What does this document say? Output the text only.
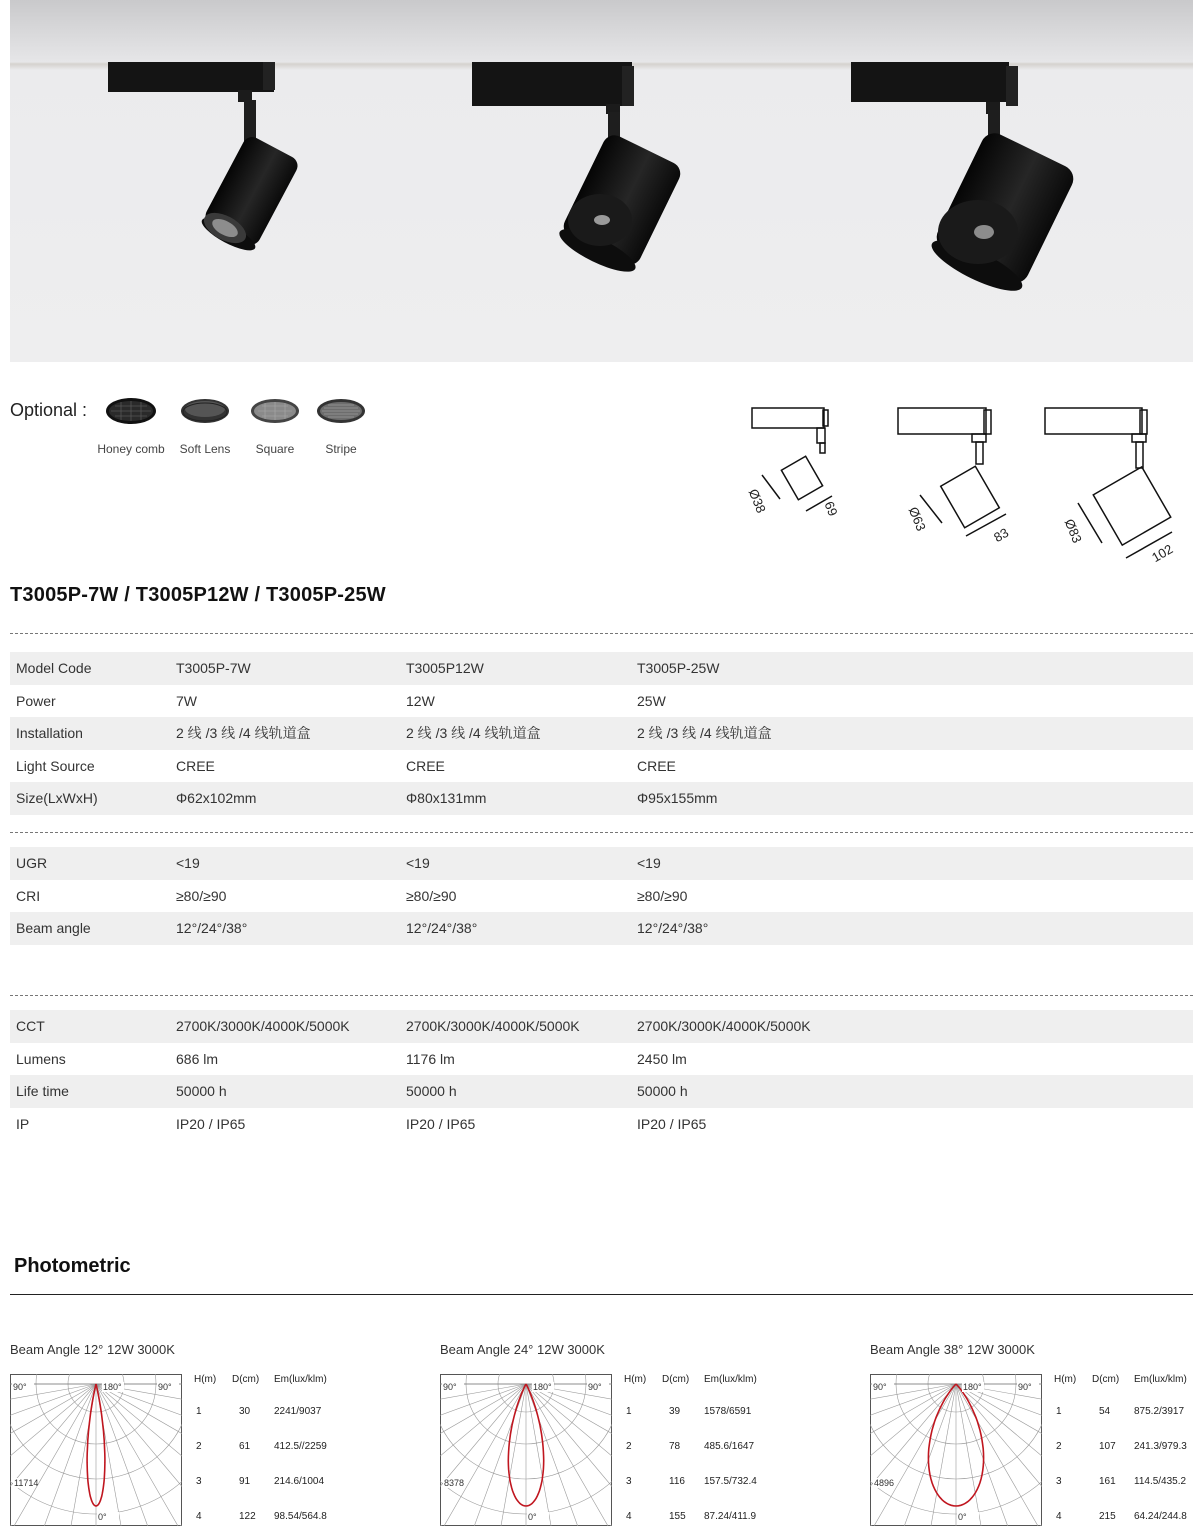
Optional :
Honey comb	Soft Lens	Square	Stripe
Ø38	69	Ø63
83	Ø83
102
T3005P-7W / T3005P12W / T3005P-25W
Model Code	T3005P-7W	T3005P12W	T3005P-25W
Power	7W	12W	25W
Installation	2 线 /3 线 /4 线轨道盒	2 线 /3 线 /4 线轨道盒	2 线 /3 线 /4 线轨道盒
Light Source	CREE	CREE	CREE
Size(LxWxH)	Φ62x102mm	Φ80x131mm	Φ95x155mm
UGR	<19	<19	<19
CRI	≥80/≥90	≥80/≥90	≥80/≥90
Beam angle	12°/24°/38°	12°/24°/38°	12°/24°/38°
CCT	2700K/3000K/4000K/5000K	2700K/3000K/4000K/5000K	2700K/3000K/4000K/5000K
Lumens	686 lm	1176 lm	2450 lm
Life time	50000 h	50000 h	50000 h
IP	IP20 / IP65	IP20 / IP65	IP20 / IP65
Photometric
Beam Angle 12° 12W 3000K
90°	180°	90°
0°
11714
H(m) D(cm) Em(lux/klm)
1	30 2241/9037
2	61 412.5//2259
3	91 214.6/1004
4	122 98.54/564.8
Beam Angle 24° 12W 3000K
90°	180°	90°
0°
8378
H(m) D(cm) Em(lux/klm)
1	39 1578/6591
2	78 485.6/1647
3	116 157.5/732.4
4	155 87.24/411.9
Beam Angle 38° 12W 3000K
90°	180°	90°
0°
4896
H(m) D(cm) Em(lux/klm)
1	54 875.2/3917
2	107 241.3/979.3
3	161 114.5/435.2
4	215 64.24/244.8
